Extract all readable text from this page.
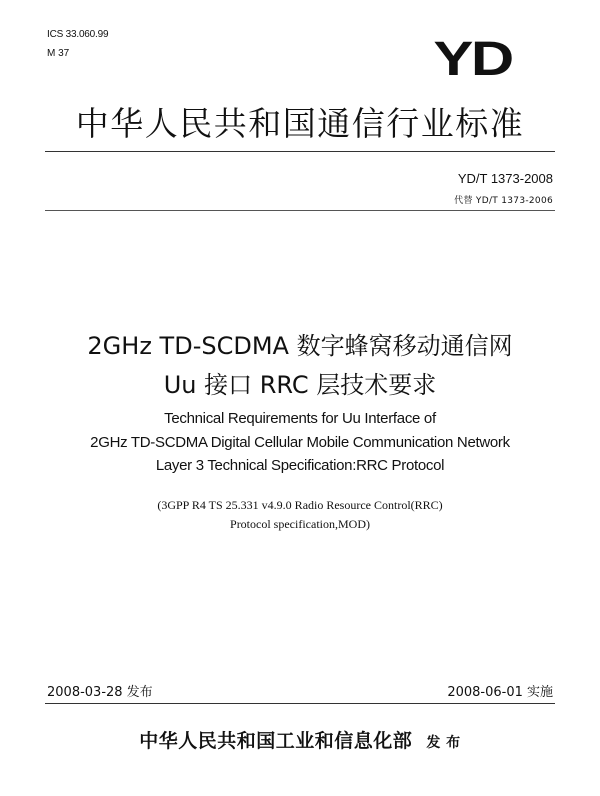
ICS 33.060.99
M 37	YD
中华人民共和国通信行业标准
YD/T 1373-2008
代替 YD/T 1373-2006
2GHz TD-SCDMA 数字蜂窝移动通信网
Uu 接口 RRC 层技术要求
Technical Requirements for Uu Interface of
2GHz TD-SCDMA Digital Cellular Mobile Communication Network
Layer 3 Technical Specification:RRC Protocol
(3GPP R4 TS 25.331 v4.9.0 Radio Resource Control(RRC)
Protocol specification,MOD)
2008-03-28 发布	2008-06-01 实施
中华人民共和国工业和信息化部 发 布
